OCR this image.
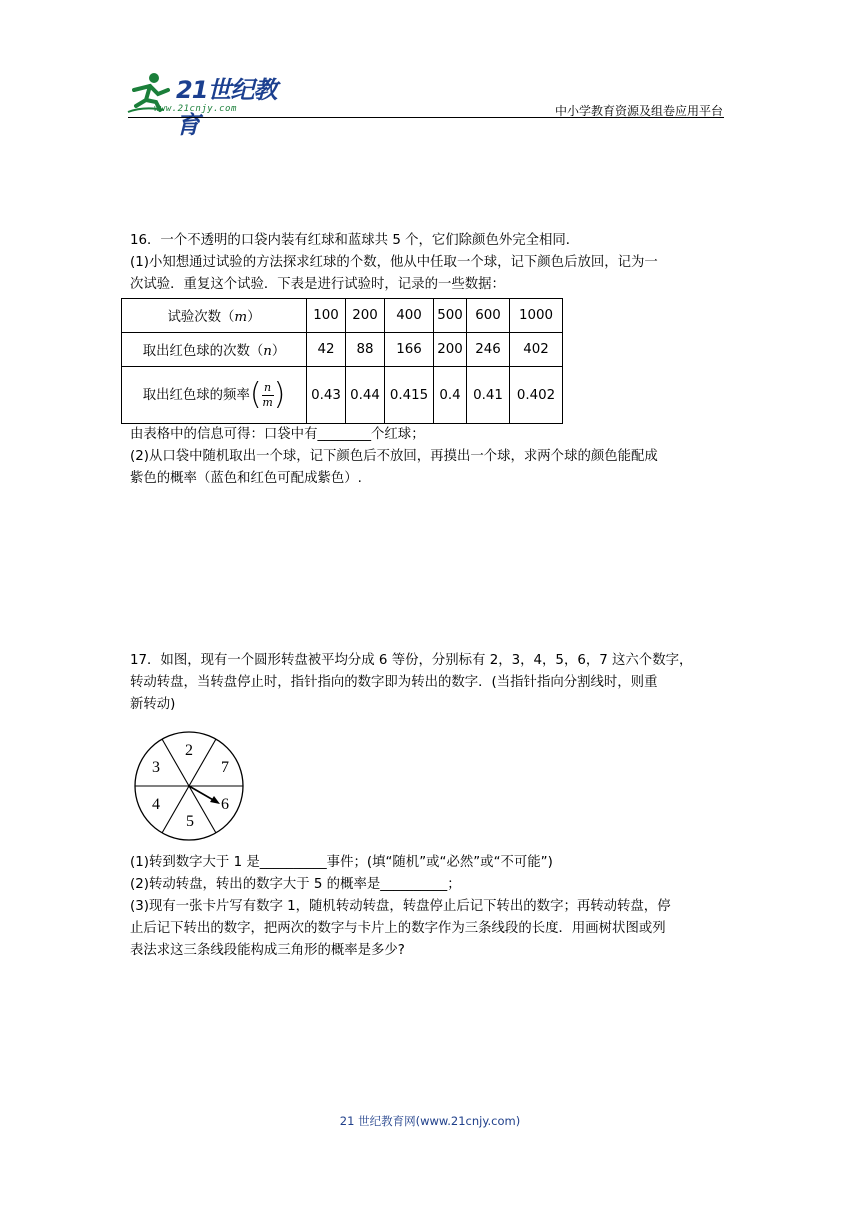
21世纪教育
www.21cnjy.com	中小学教育资源及组卷应用平台
16．一个不透明的口袋内装有红球和蓝球共 5 个，它们除颜色外完全相同．
(1)小知想通过试验的方法探求红球的个数，他从中任取一个球，记下颜色后放回，记为一
次试验．重复这个试验．下表是进行试验时，记录的一些数据：
试验次数（m）	100	200	400	500	600	1000
取出红色球的次数（n）	42	88	166	200	246	402
取出红色球的频率 ( n
m )	0.43	0.44	0.415	0.4	0.41	0.402
由表格中的信息可得：口袋中有________个红球；
(2)从口袋中随机取出一个球，记下颜色后不放回，再摸出一个球，求两个球的颜色能配成
紫色的概率（蓝色和红色可配成紫色）.
17．如图，现有一个圆形转盘被平均分成 6 等份，分别标有 2，3，4，5，6，7 这六个数字，
转动转盘，当转盘停止时，指针指向的数字即为转出的数字．(当指针指向分割线时，则重
新转动)
2
7
6
5
4
3
(1)转到数字大于 1 是__________事件；(填“随机”或“必然”或“不可能”)
(2)转动转盘，转出的数字大于 5 的概率是__________；
(3)现有一张卡片写有数字 1，随机转动转盘，转盘停止后记下转出的数字；再转动转盘，停
止后记下转出的数字，把两次的数字与卡片上的数字作为三条线段的长度．用画树状图或列
表法求这三条线段能构成三角形的概率是多少?
21 世纪教育网(www.21cnjy.com)
